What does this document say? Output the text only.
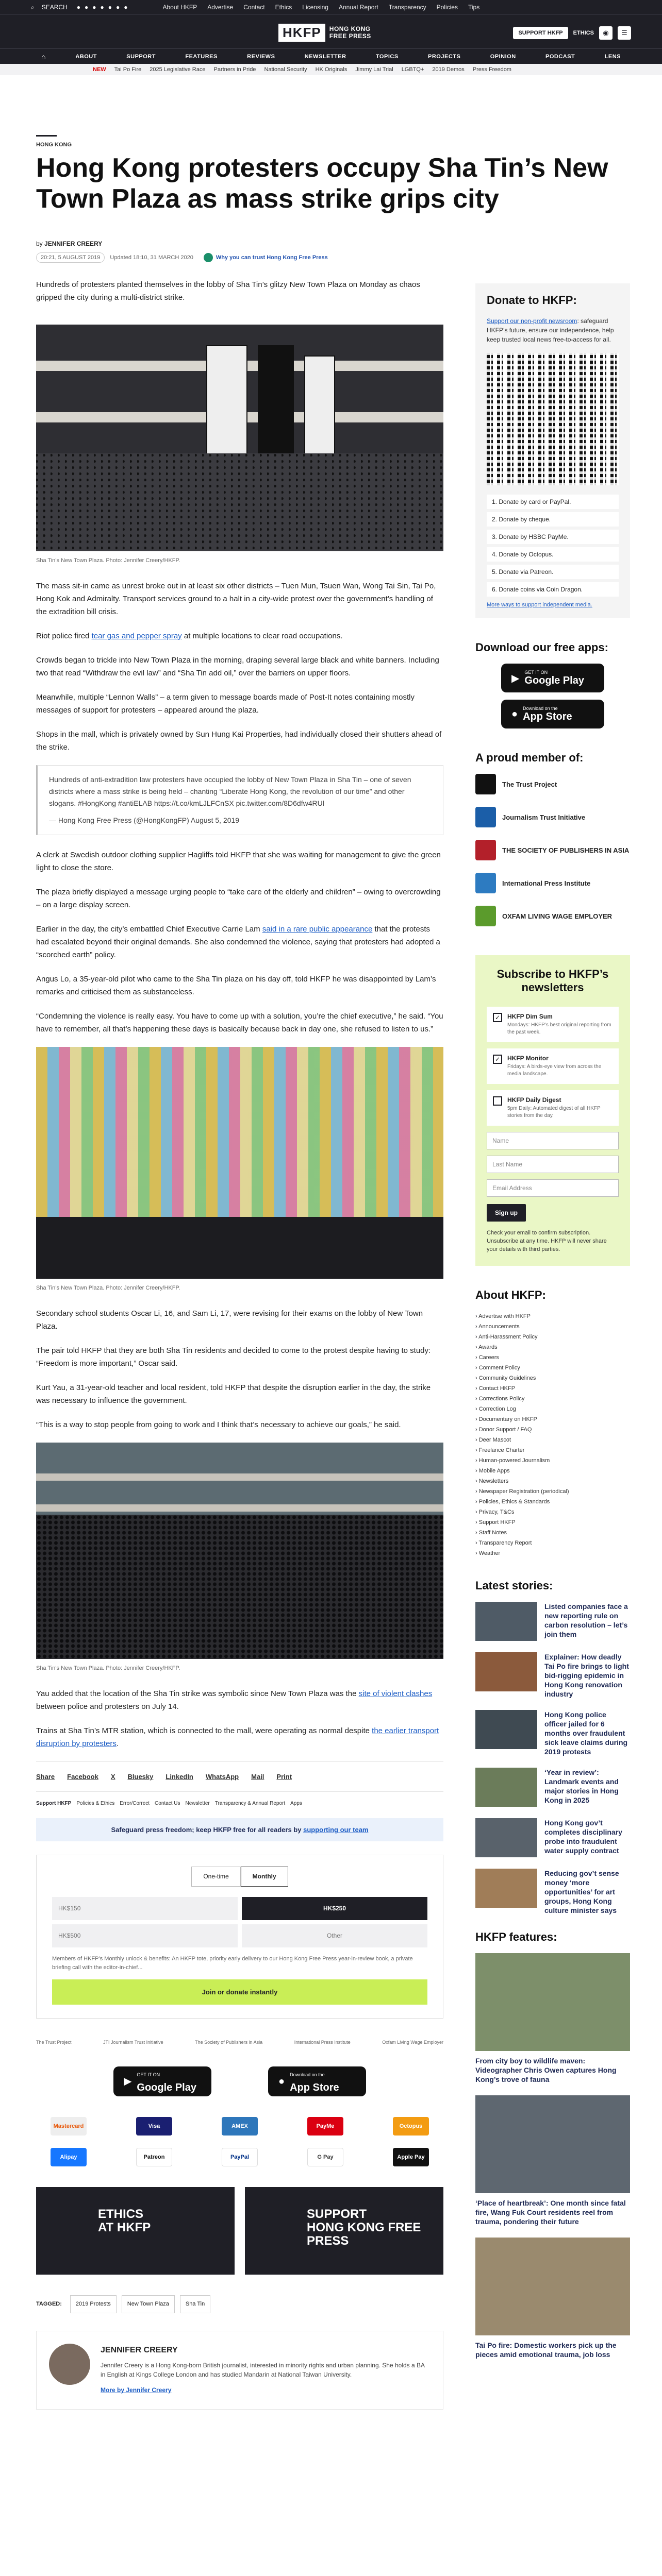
⌕ SEARCH ●●●●●●●	About HKFP Advertise Contact Ethics Licensing Annual Report Transparency Policies Tips
HKFP	HONG KONG
FREE PRESS	SUPPORT HKFP	ETHICS	◉	☰
⌂	ABOUT	SUPPORT	FEATURES	REVIEWS	NEWSLETTER	TOPICS	PROJECTS	OPINION	PODCAST	LENS
NEW Tai Po Fire 2025 Legislative Race Partners in Pride National Security HK Originals Jimmy Lai Trial LGBTQ+ 2019 Demos Press Freedom
HONG KONG
Hong Kong protesters occupy Sha Tin’s New Town Plaza as mass strike grips city
by JENNIFER CREERY
20:21, 5 AUGUST 2019	Updated 18:10, 31 MARCH 2020	Why you can trust Hong Kong Free Press

Hundreds of protesters planted themselves in the lobby of Sha Tin’s glitzy New Town Plaza on Monday as chaos gripped the city during a multi-district strike.

Sha Tin’s New Town Plaza. Photo: Jennifer Creery/HKFP.

The mass sit-in came as unrest broke out in at least six other districts – Tuen Mun, Tsuen Wan, Wong Tai Sin, Tai Po, Hong Kok and Admiralty. Transport services ground to a halt in a city-wide protest over the government’s handling of the extradition bill crisis.

Riot police fired tear gas and pepper spray at multiple locations to clear road occupations.

Crowds began to trickle into New Town Plaza in the morning, draping several large black and white banners. Including two that read “Withdraw the evil law” and “Sha Tin add oil,” over the barriers on upper floors.

Meanwhile, multiple “Lennon Walls” – a term given to message boards made of Post-It notes containing mostly messages of support for protesters – appeared around the plaza.

Shops in the mall, which is privately owned by Sun Hung Kai Properties, had individually closed their shutters ahead of the strike.

Hundreds of anti-extradition law protesters have occupied the lobby of New Town Plaza in Sha Tin – one of seven districts where a mass strike is being held – chanting “Liberate Hong Kong, the revolution of our time” and other slogans. #HongKong #antiELAB https://t.co/kmLJLFCnSX pic.twitter.com/8D6dfw4RUl
— Hong Kong Free Press (@HongKongFP) August 5, 2019

A clerk at Swedish outdoor clothing supplier Hagliffs told HKFP that she was waiting for management to give the green light to close the store.

The plaza briefly displayed a message urging people to “take care of the elderly and children” – owing to overcrowding – on a large display screen.

Earlier in the day, the city’s embattled Chief Executive Carrie Lam said in a rare public appearance that the protests had escalated beyond their original demands. She also condemned the violence, saying that protesters had adopted a “scorched earth” policy.

Angus Lo, a 35-year-old pilot who came to the Sha Tin plaza on his day off, told HKFP he was disappointed by Lam’s remarks and criticised them as substanceless.

“Condemning the violence is really easy. You have to come up with a solution, you’re the chief executive,” he said. “You have to remember, all that’s happening these days is basically because back in day one, she refused to listen to us.”

Sha Tin’s New Town Plaza. Photo: Jennifer Creery/HKFP.

Secondary school students Oscar Li, 16, and Sam Li, 17, were revising for their exams on the lobby of New Town Plaza.

The pair told HKFP that they are both Sha Tin residents and decided to come to the protest despite having to study: “Freedom is more important,” Oscar said.

Kurt Yau, a 31-year-old teacher and local resident, told HKFP that despite the disruption earlier in the day, the strike was necessary to influence the government.

“This is a way to stop people from going to work and I think that’s necessary to achieve our goals,” he said.

Sha Tin’s New Town Plaza. Photo: Jennifer Creery/HKFP.

Yau added that the location of the Sha Tin strike was symbolic since New Town Plaza was the site of violent clashes between police and protesters on July 14.

Trains at Sha Tin’s MTR station, which is connected to the mall, were operating as normal despite the earlier transport disruption by protesters.

Share Facebook X Bluesky LinkedIn WhatsApp Mail Print
Support HKFP Policies & Ethics Error/Correct Contact Us Newsletter Transparency & Annual Report Apps
Safeguard press freedom; keep HKFP free for all readers by supporting our team
One-time	Monthly
HK$150	HK$250
HK$500	Other
Members of HKFP’s Monthly unlock & benefits: An HKFP tote, priority early delivery to our Hong Kong Free Press year-in-review book, a private briefing call with the editor-in-chief...
Join or donate instantly
The Trust Project	JTI Journalism Trust Initiative	The Society of Publishers in Asia	International Press Institute	Oxfam Living Wage Employer
▶
GET IT ON
Google Play
●
Download on the
App Store
Mastercard	Visa	AMEX	PayMe	Octopus
Alipay	Patreon	PayPal	G Pay	Apple Pay
ETHICS
AT HKFP
SUPPORT
HONG KONG FREE PRESS
TAGGED:	2019 Protests	New Town Plaza	Sha Tin
JENNIFER CREERY

Jennifer Creery is a Hong Kong-born British journalist, interested in minority rights and urban planning. She holds a BA in English at Kings College London and has studied Mandarin at National Taiwan University.

More by Jennifer Creery
Donate to HKFP:
Support our non-profit newsroom: safeguard HKFP’s future, ensure our independence, help keep trusted local news free-to-access for all.
1. Donate by card or PayPal.
2. Donate by cheque.
3. Donate by HSBC PayMe.
4. Donate by Octopus.
5. Donate via Patreon.
6. Donate coins via Coin Dragon.
More ways to support independent media.
Download our free apps:
▶
GET IT ON
Google Play
● Download on the
App Store
A proud member of:
The Trust Project
Journalism Trust Initiative
THE SOCIETY OF PUBLISHERS IN ASIA
International Press Institute
OXFAM LIVING WAGE EMPLOYER
Subscribe to HKFP’s newsletters
✓	HKFP Dim Sum
Mondays: HKFP’s best original reporting from the past week.
✓	HKFP Monitor
Fridays: A birds-eye view from across the media landscape.
HKFP Daily Digest
5pm Daily: Automated digest of all HKFP stories from the day.
Name
Last Name
Email Address
Sign up
Check your email to confirm subscription. Unsubscribe at any time. HKFP will never share your details with third parties.
About HKFP:
› Advertise with HKFP
› Announcements
› Anti-Harassment Policy
› Awards
› Careers
› Comment Policy
› Community Guidelines
› Contact HKFP
› Corrections Policy
› Correction Log
› Documentary on HKFP
› Donor Support / FAQ
› Deer Mascot
› Freelance Charter
› Human-powered Journalism
› Mobile Apps
› Newsletters
› Newspaper Registration (periodical)
› Policies, Ethics & Standards
› Privacy, T&Cs
› Support HKFP
› Staff Notes
› Transparency Report
› Weather
Latest stories:
Listed companies face a new reporting rule on carbon resolution – let’s join them
Explainer: How deadly Tai Po fire brings to light bid-rigging epidemic in Hong Kong renovation industry
Hong Kong police officer jailed for 6 months over fraudulent sick leave claims during 2019 protests
‘Year in review’: Landmark events and major stories in Hong Kong in 2025
Hong Kong gov’t completes disciplinary probe into fraudulent water supply contract
Reducing gov’t sense money ‘more opportunities’ for art groups, Hong Kong culture minister says
HKFP features:
From city boy to wildlife maven: Videographer Chris Owen captures Hong Kong’s trove of fauna
‘Place of heartbreak’: One month since fatal fire, Wang Fuk Court residents reel from trauma, pondering their future
Tai Po fire: Domestic workers pick up the pieces amid emotional trauma, job loss
